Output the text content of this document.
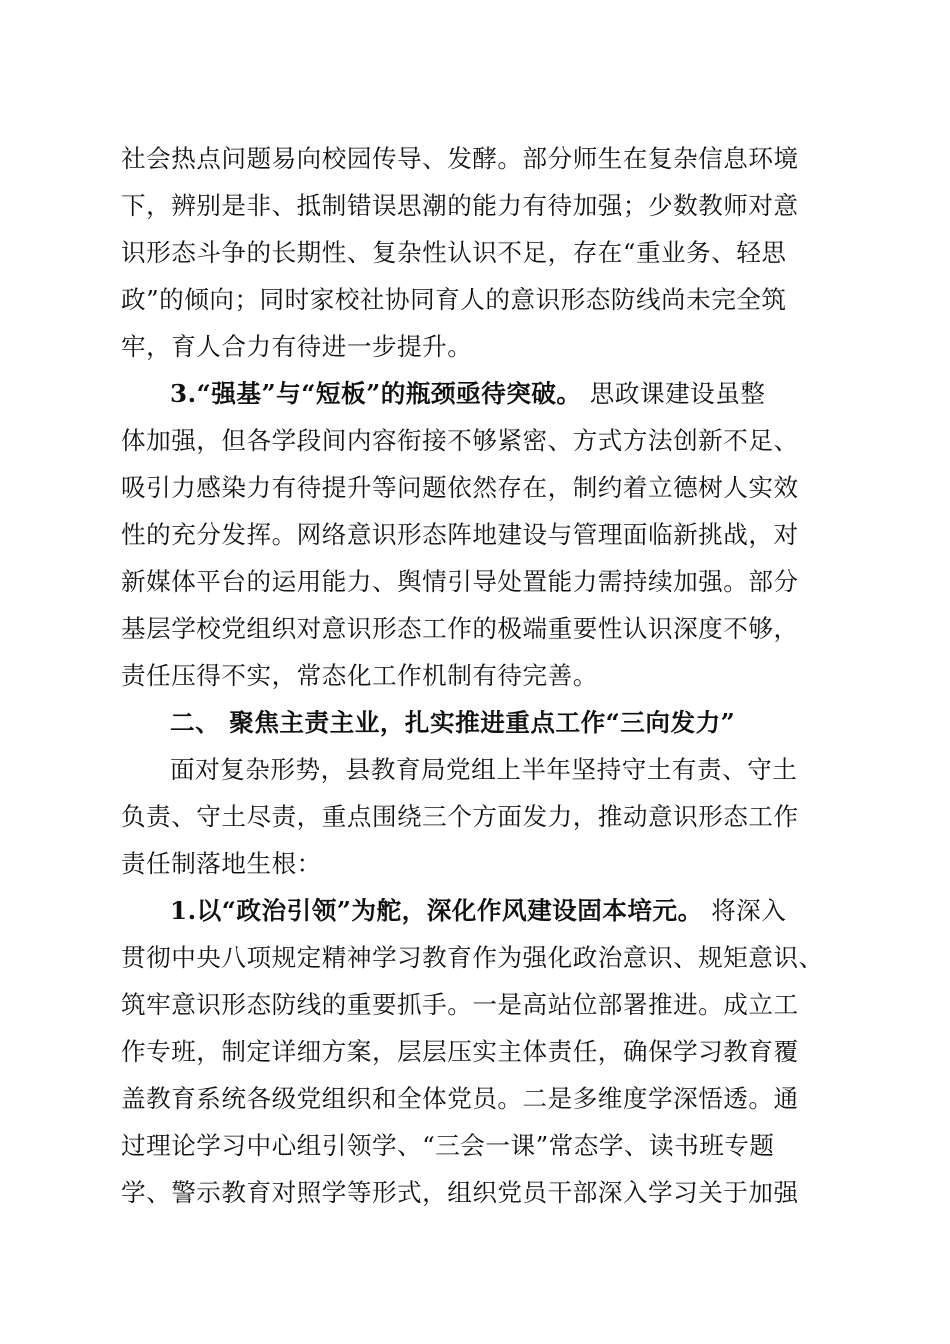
社会热点问题易向校园传导、发酵。部分师生在复杂信息环境
下，辨别是非、抵制错误思潮的能力有待加强；少数教师对意
识形态斗争的长期性、复杂性认识不足，存在“重业务、轻思
政”的倾向；同时家校社协同育人的意识形态防线尚未完全筑
牢，育人合力有待进一步提升。
3.“强基”与“短板”的瓶颈亟待突破。 思政课建设虽整
体加强，但各学段间内容衔接不够紧密、方式方法创新不足、
吸引力感染力有待提升等问题依然存在，制约着立德树人实效
性的充分发挥。网络意识形态阵地建设与管理面临新挑战，对
新媒体平台的运用能力、舆情引导处置能力需持续加强。部分
基层学校党组织对意识形态工作的极端重要性认识深度不够，
责任压得不实，常态化工作机制有待完善。
二、 聚焦主责主业，扎实推进重点工作“三向发力”
面对复杂形势，县教育局党组上半年坚持守土有责、守土
负责、守土尽责，重点围绕三个方面发力，推动意识形态工作
责任制落地生根：
1.以“政治引领”为舵，深化作风建设固本培元。 将深入
贯彻中央八项规定精神学习教育作为强化政治意识、规矩意识、
筑牢意识形态防线的重要抓手。一是高站位部署推进。成立工
作专班，制定详细方案，层层压实主体责任，确保学习教育覆
盖教育系统各级党组织和全体党员。二是多维度学深悟透。通
过理论学习中心组引领学、“三会一课”常态学、读书班专题
学、警示教育对照学等形式，组织党员干部深入学习关于加强
